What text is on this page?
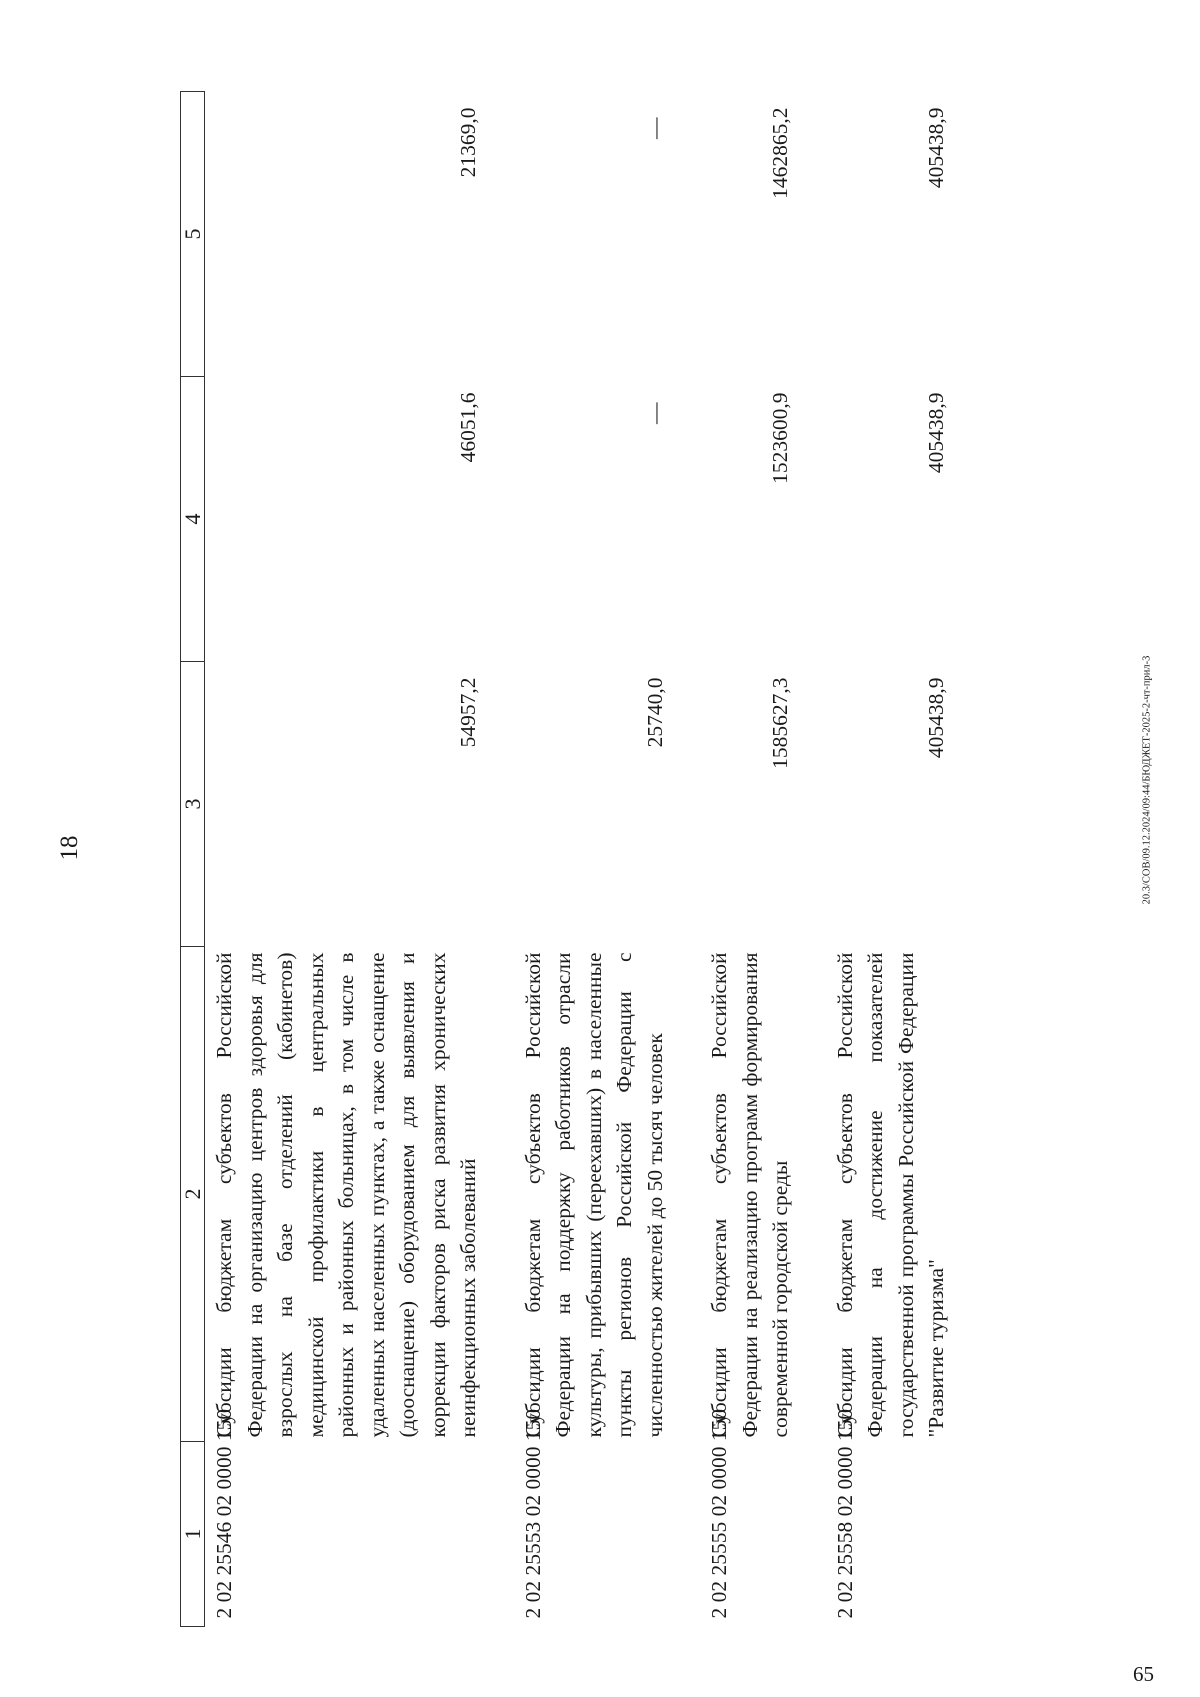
18
1	2	3	4	5
2 02 25546 02 0000 150	Субсидии бюджетам субъектов Российской Федерации на организацию центров здоровья для взрослых на базе отделений (кабинетов) медицинской профилактики в центральных районных и районных больницах, в том числе в удаленных населенных пунктах, а также оснащение (дооснащение) оборудованием для выявления и коррекции факторов риска развития хронических неинфекционных заболеваний	54957,2	46051,6	21369,0
2 02 25553 02 0000 150	Субсидии бюджетам субъектов Российской Федерации на поддержку работников отрасли культуры, прибывших (переехавших) в населенные пункты регионов Российской Федерации с численностью жителей до 50 тысяч человек	25740,0	—	—
2 02 25555 02 0000 150	Субсидии бюджетам субъектов Российской Федерации на реализацию программ формирования современной городской среды	1585627,3	1523600,9	1462865,2
2 02 25558 02 0000 150	Субсидии бюджетам субъектов Российской Федерации на достижение показателей государственной программы Российской Федерации "Развитие туризма"	405438,9	405438,9	405438,9
20.3/СОВ/09.12.2024/09:44/БЮДЖЕТ-2025-2-чт-прил-3
65
